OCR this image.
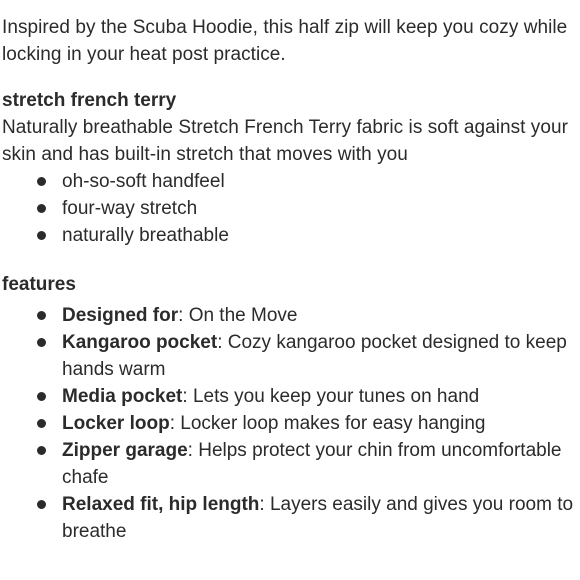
Inspired by the Scuba Hoodie, this half zip will keep you cozy while locking in your heat post practice.

stretch french terry

Naturally breathable Stretch French Terry fabric is soft against your skin and has built-in stretch that moves with you

oh-so-soft handfeel
four-way stretch
naturally breathable

features

Designed for: On the Move
Kangaroo pocket: Cozy kangaroo pocket designed to keep hands warm
Media pocket: Lets you keep your tunes on hand
Locker loop: Locker loop makes for easy hanging
Zipper garage: Helps protect your chin from uncomfortable chafe
Relaxed fit, hip length: Layers easily and gives you room to breathe
